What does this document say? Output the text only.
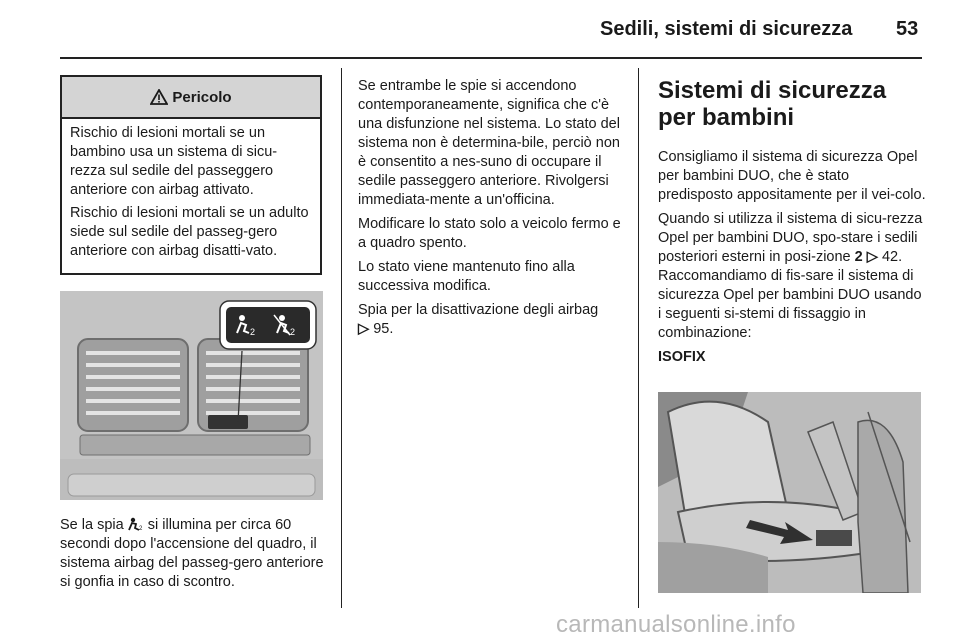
Sedili, sistemi di sicurezza 53
Pericolo

Rischio di lesioni mortali se un bambino usa un sistema di sicu-rezza sul sedile del passeggero anteriore con airbag attivato.

Rischio di lesioni mortali se un adulto siede sul sedile del passeg-gero anteriore con airbag disatti-vato.

2	2
Se la spia	2 si illumina per circa 60 secondi dopo l'accensione del quadro, il sistema airbag del passeg-gero anteriore si gonfia in caso di scontro.

Se entrambe le spie si accendono contemporaneamente, significa che c'è una disfunzione nel sistema. Lo stato del sistema non è determina-bile, perciò non è consentito a nes-suno di occupare il sedile passeggero anteriore. Rivolgersi immediata-mente a un'officina.

Modificare lo stato solo a veicolo fermo e a quadro spento.

Lo stato viene mantenuto fino alla successiva modifica.

Spia per la disattivazione degli airbag
▷ 95.

Sistemi di sicurezza per bambini

Consigliamo il sistema di sicurezza Opel per bambini DUO, che è stato predisposto appositamente per il vei-colo.

Quando si utilizza il sistema di sicu-rezza Opel per bambini DUO, spo-stare i sedili posteriori esterni in posi-zione 2 ▷ 42. Raccomandiamo di fis-sare il sistema di sicurezza Opel per bambini DUO usando i seguenti si-stemi di fissaggio in combinazione:

ISOFIX

carmanualsonline.info
